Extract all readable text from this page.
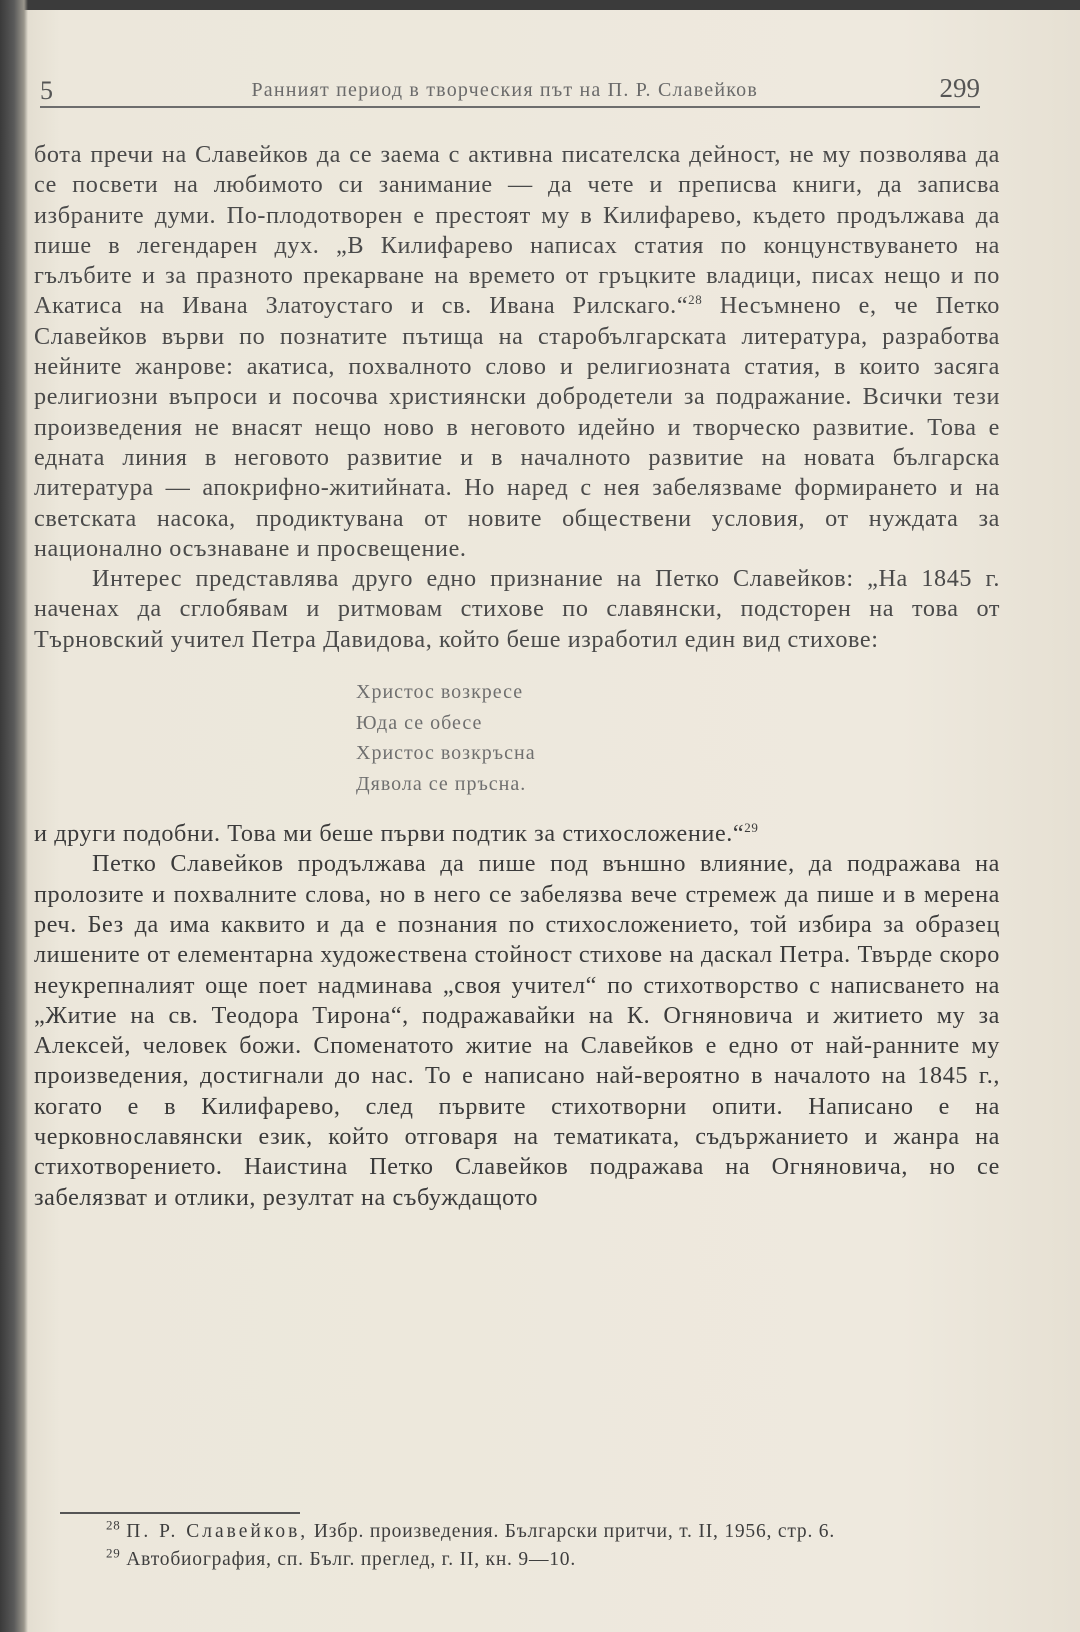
5	Ранният период в творческия път на П. Р. Славейков	299

бота пречи на Славейков да се заема с активна писателска дейност, не му позволява да се посвети на любимото си занимание — да чете и преписва книги, да записва избраните думи. По-плодотворен е престоят му в Килифарево, където продължава да пише в легендарен дух. „В Килифарево написах статия по концунствуването на гълъбите и за празното прекарване на времето от гръцките владици, писах нещо и по Акатиса на Ивана Златоустаго и св. Ивана Рилскаго.“$^{28}$ Несъмнено е, че Петко Славейков върви по познатите пътища на старобългарската литература, разработва нейните жанрове: акатиса, похвалното слово и религиозната статия, в които засяга религиозни въпроси и посочва християнски добродетели за подражание. Всички тези произведения не внасят нещо ново в неговото идейно и творческо развитие. Това е едната линия в неговото развитие и в началното развитие на новата българска литература — апокрифно-житийната. Но наред с нея забелязваме формирането и на светската насока, продиктувана от новите обществени условия, от нуждата за национално осъзнаване и просвещение.

Интерес представлява друго едно признание на Петко Славейков: „На 1845 г. наченах да сглобявам и ритмовам стихове по славянски, подсторен на това от Търновский учител Петра Давидова, който беше изработил един вид стихове:

Христос возкресе
Юда се обесе
Христос возкръсна
Дявола се пръсна.

и други подобни. Това ми беше първи подтик за стихосложение.“$^{29}$

Петко Славейков продължава да пише под външно влияние, да подражава на пролозите и похвалните слова, но в него се забелязва вече стремеж да пише и в мерена реч. Без да има каквито и да е познания по стихосложението, той избира за образец лишените от елементарна художествена стойност стихове на даскал Петра. Твърде скоро неукрепналият още поет надминава „своя учител“ по стихотворство с написването на „Житие на св. Теодора Тирона“, подражавайки на К. Огняновича и житието му за Алексей, человек божи. Споменатото житие на Славейков е едно от най-ранните му произведения, достигнали до нас. То е написано най-вероятно в началото на 1845 г., когато е в Килифарево, след първите стихотворни опити. Написано е на черковнославянски език, който отговаря на тематиката, съдържанието и жанра на стихотворението. Наистина Петко Славейков подражава на Огняновича, но се забелязват и отлики, резултат на събуждащото

$^{28}$ П. Р. Славейков, Избр. произведения. Български притчи, т. II, 1956, стр. 6.

$^{29}$ Автобиография, сп. Бълг. преглед, г. II, кн. 9—10.
